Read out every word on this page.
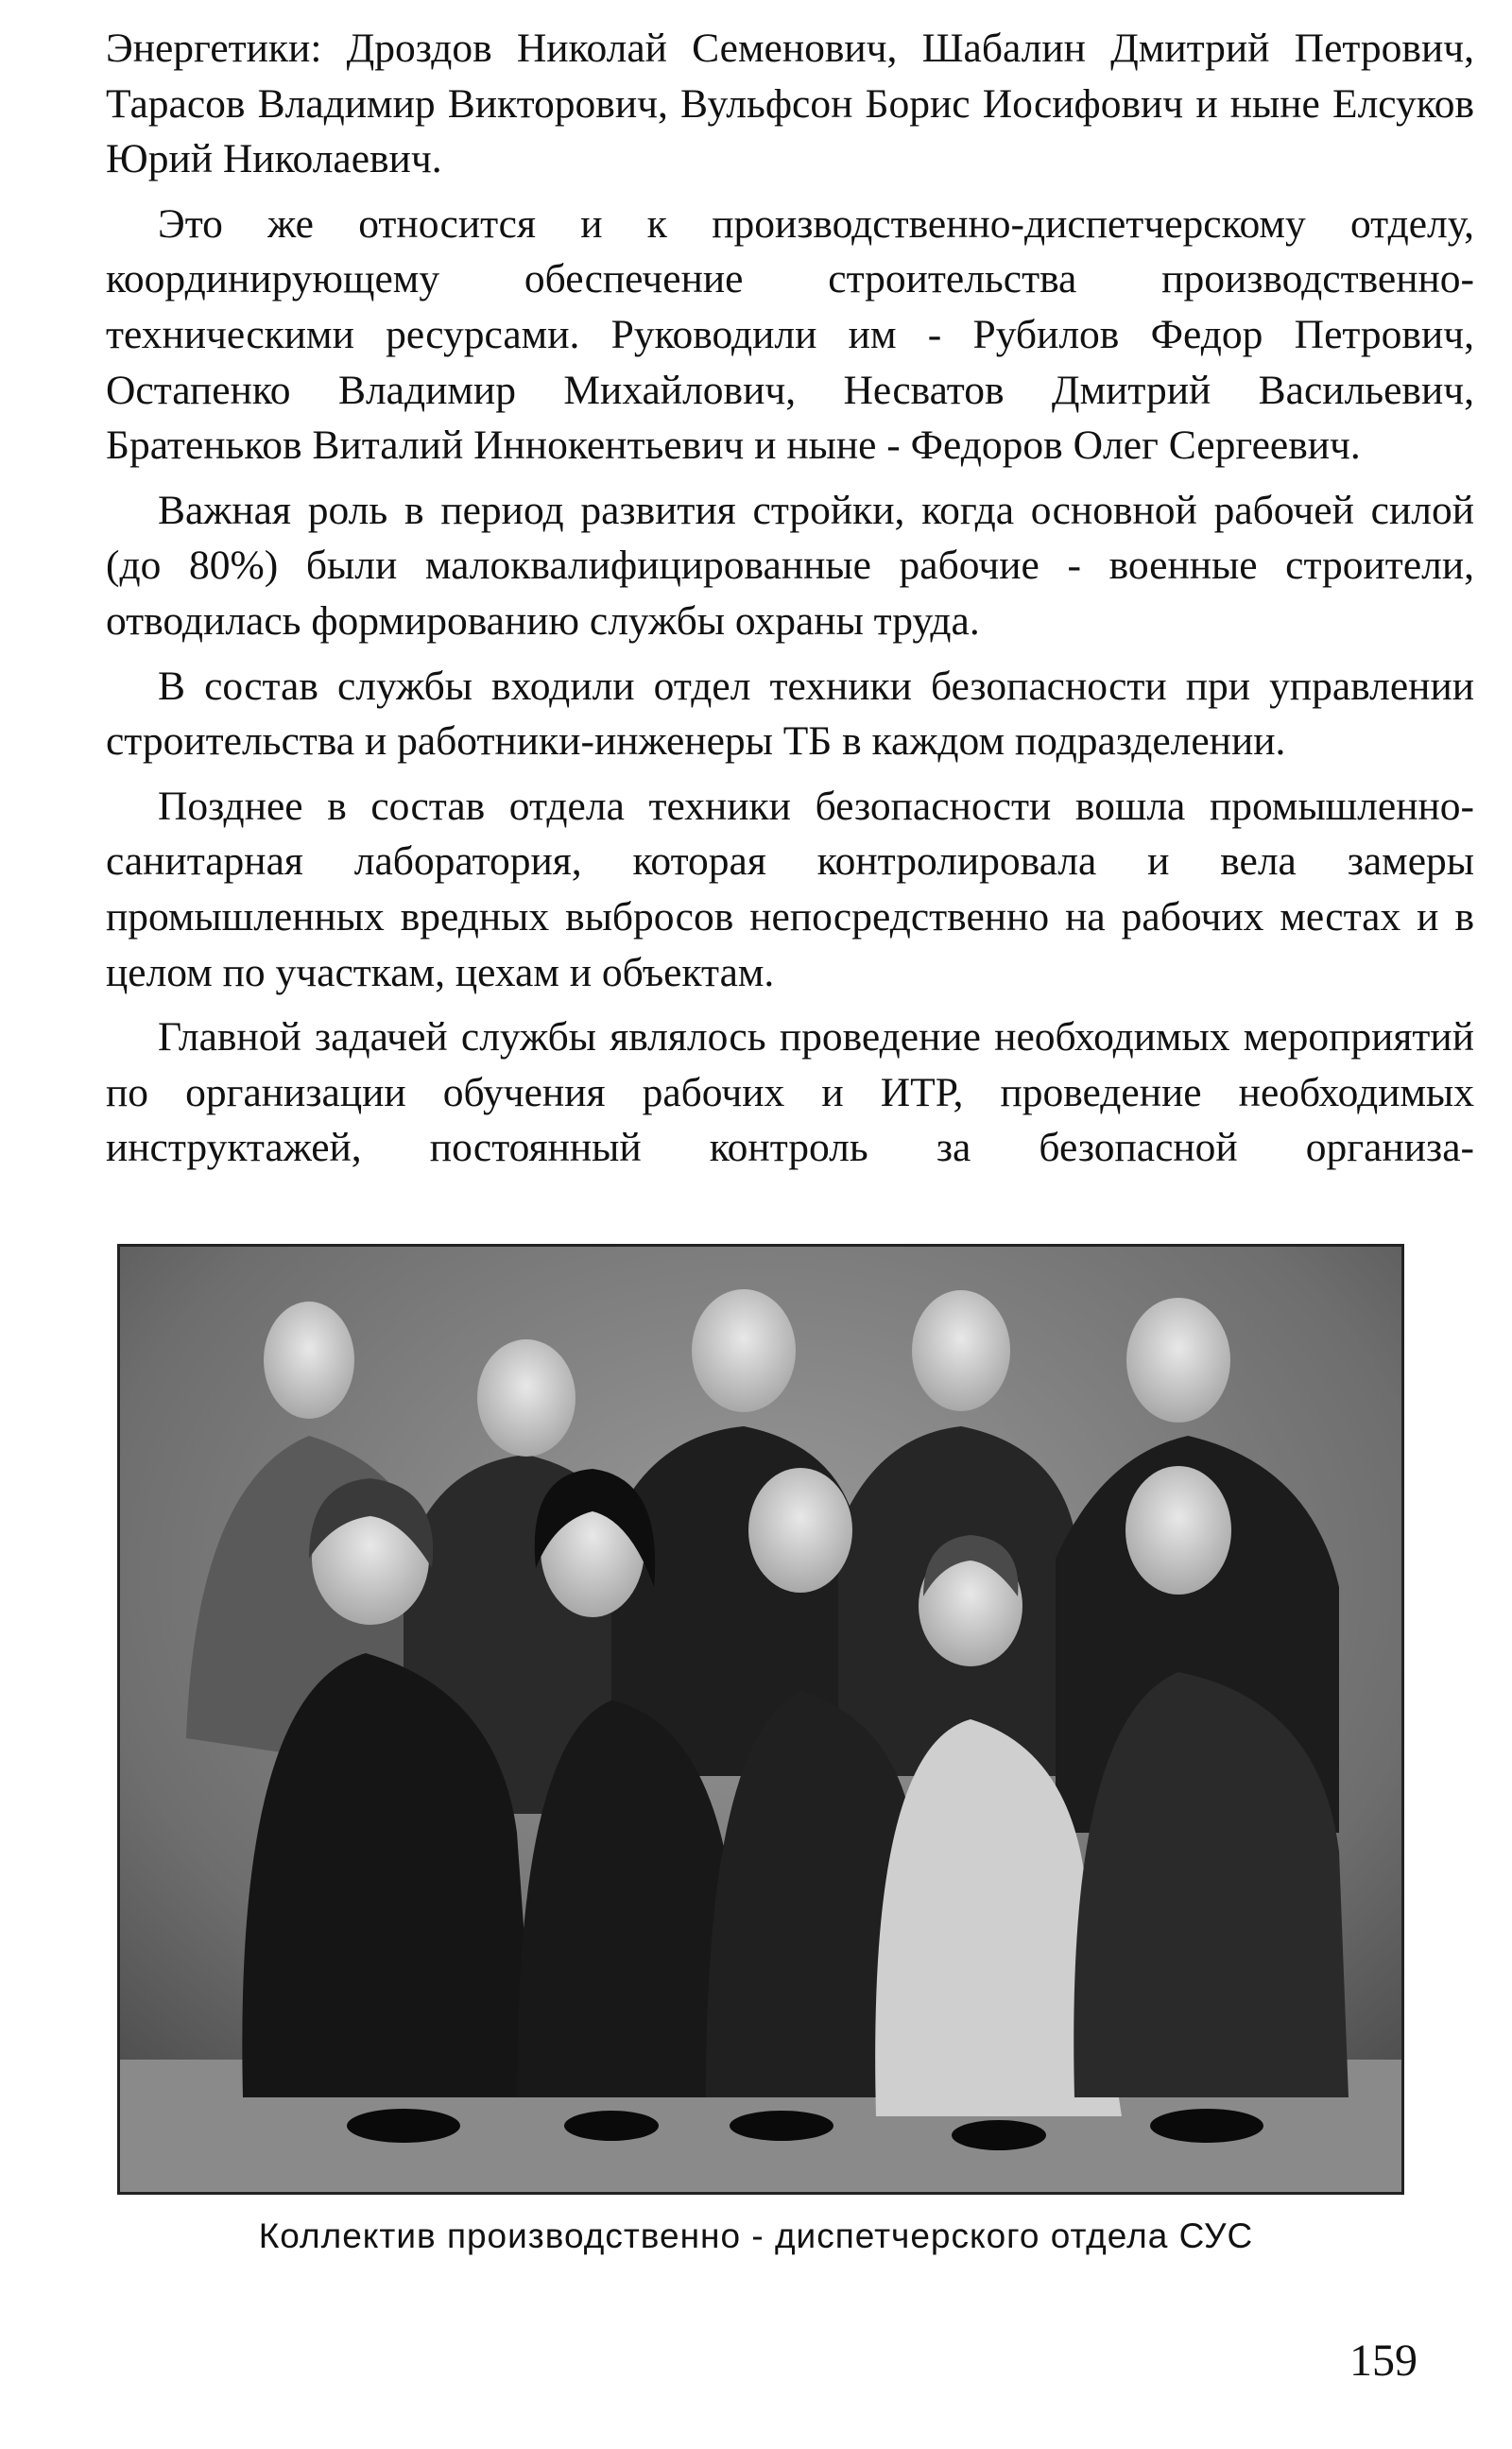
Энергетики: Дроздов Николай Семенович, Шабалин Дмитрий Петрович, Тарасов Владимир Викторович, Вульфсон Борис Иосифович и ныне Елсуков Юрий Николаевич.

Это же относится и к производственно-диспетчерскому отделу, координирующему обеспечение строительства производственно-техническими ресурсами. Руководили им - Рубилов Федор Петрович, Остапенко Владимир Михайлович, Несватов Дмитрий Васильевич, Братеньков Виталий Иннокентьевич и ныне - Федоров Олег Сергеевич.

Важная роль в период развития стройки, когда основной рабочей силой (до 80%) были малоквалифицированные рабочие - военные строители, отводилась формированию службы охраны труда.

В состав службы входили отдел техники безопасности при управлении строительства и работники-инженеры ТБ в каждом подразделении.

Позднее в состав отдела техники безопасности вошла промышленно-санитарная лаборатория, которая контролировала и вела замеры промышленных вредных выбросов непосредственно на рабочих местах и в целом по участкам, цехам и объектам.

Главной задачей службы являлось проведение необходимых мероприятий по организации обучения рабочих и ИТР, проведение необходимых инструктажей, постоянный контроль за безопасной организа-

Коллектив производственно - диспетчерского отдела СУС
159
